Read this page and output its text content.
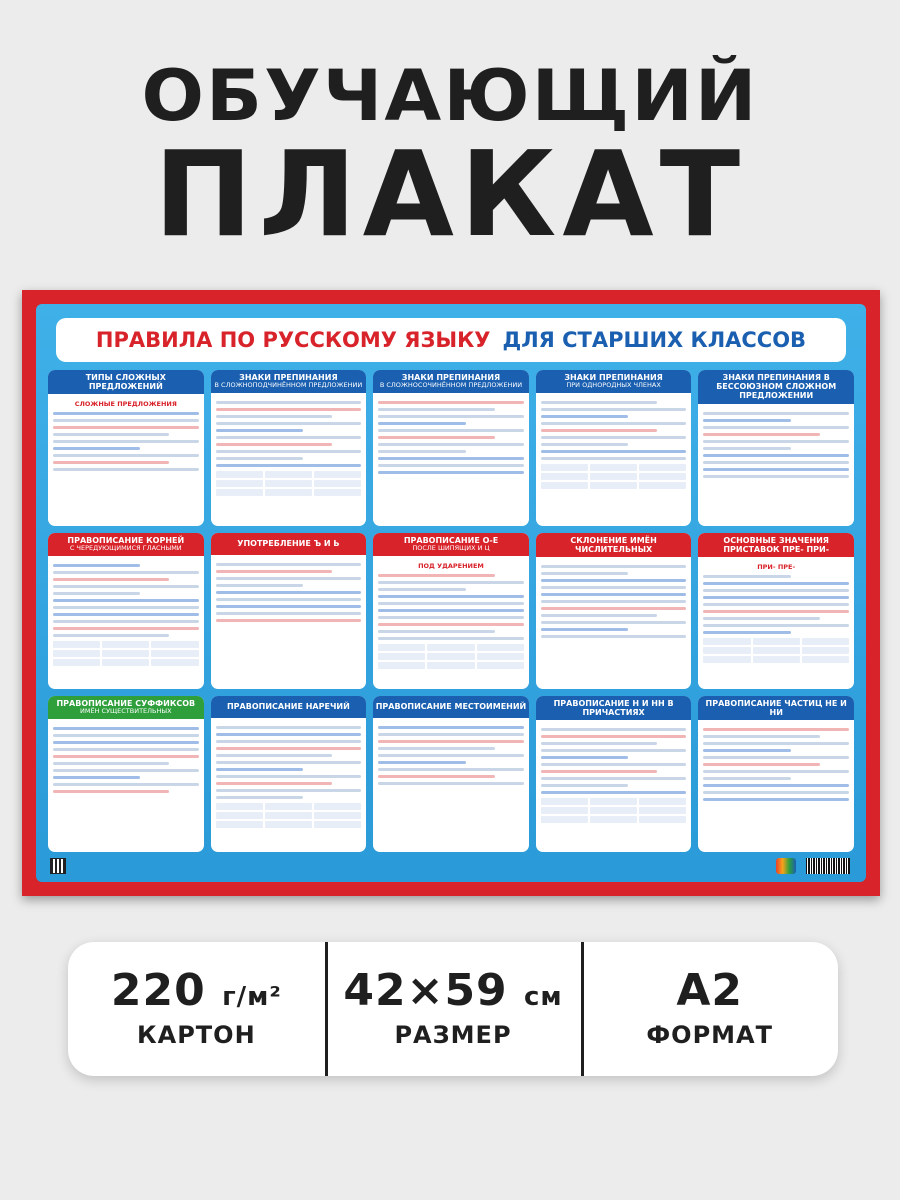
ОБУЧАЮЩИЙ
ПЛАКАТ
ПРАВИЛА ПО РУССКОМУ ЯЗЫКУ ДЛЯ СТАРШИХ КЛАССОВ
ТИПЫ СЛОЖНЫХ ПРЕДЛОЖЕНИЙ
СЛОЖНЫЕ ПРЕДЛОЖЕНИЯ
ЗНАКИ ПРЕПИНАНИЯ
В СЛОЖНОПОДЧИНЁННОМ ПРЕДЛОЖЕНИИ
ЗНАКИ ПРЕПИНАНИЯ
В СЛОЖНОСОЧИНЁННОМ ПРЕДЛОЖЕНИИ
ЗНАКИ ПРЕПИНАНИЯ
ПРИ ОДНОРОДНЫХ ЧЛЕНАХ
ЗНАКИ ПРЕПИНАНИЯ В БЕССОЮЗНОМ СЛОЖНОМ ПРЕДЛОЖЕНИИ
ПРАВОПИСАНИЕ КОРНЕЙ
С ЧЕРЕДУЮЩИМИСЯ ГЛАСНЫМИ	УПОТРЕБЛЕНИЕ Ъ И Ь	ПРАВОПИСАНИЕ О-Е
ПОСЛЕ ШИПЯЩИХ И Ц
ПОД УДАРЕНИЕМ
СКЛОНЕНИЕ ИМЁН ЧИСЛИТЕЛЬНЫХ
ОСНОВНЫЕ ЗНАЧЕНИЯ ПРИСТАВОК ПРЕ- ПРИ-
ПРИ- ПРЕ-
ПРАВОПИСАНИЕ СУФФИКСОВ
ИМЁН СУЩЕСТВИТЕЛЬНЫХ	ПРАВОПИСАНИЕ НАРЕЧИЙ	ПРАВОПИСАНИЕ МЕСТОИМЕНИЙ	ПРАВОПИСАНИЕ Н И НН В ПРИЧАСТИЯХ
ПРАВОПИСАНИЕ ЧАСТИЦ НЕ И НИ
220 г/м²
КАРТОН
42×59 см
РАЗМЕР
А2
ФОРМАТ
